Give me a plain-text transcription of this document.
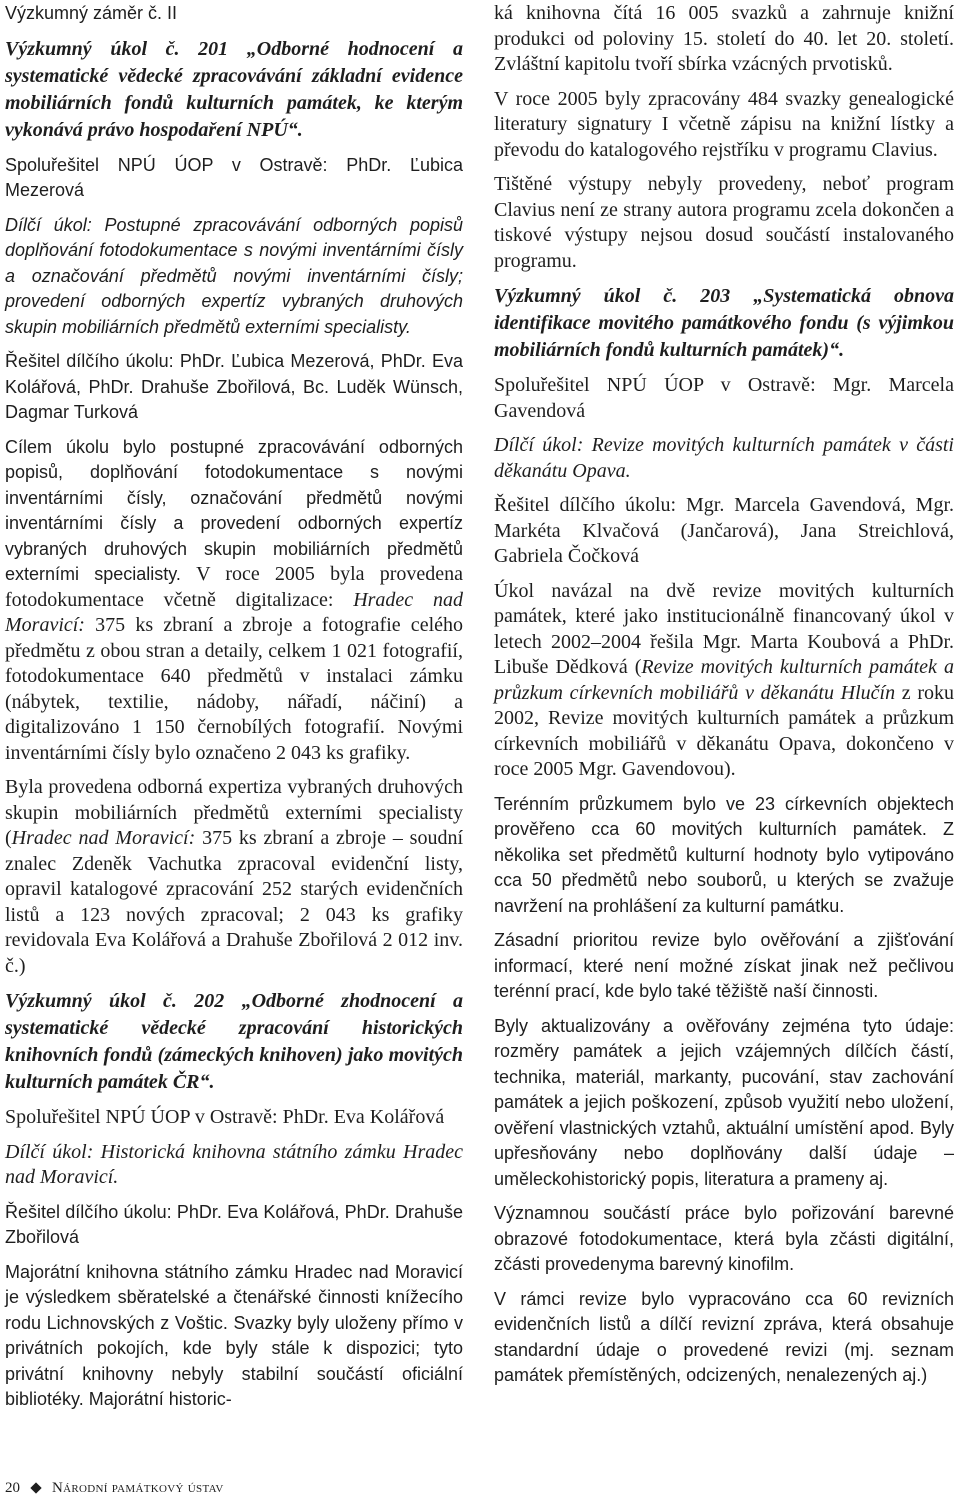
Výzkumný záměr č. II

Výzkumný úkol č. 201 „Odborné hodnocení a systematické vědecké zpracovávání základní evidence mobiliárních fondů kulturních památek, ke kterým vykonává právo hospodaření NPÚ“.

Spoluřešitel NPÚ ÚOP v Ostravě: PhDr. Ľubica Mezerová

Dílčí úkol: Postupné zpracovávání odborných popisů doplňování fotodokumentace s novými inventárními čísly a označování předmětů novými inventárními čísly; provedení odborných expertíz vybraných druhových skupin mobiliárních předmětů externími specialisty.

Řešitel dílčího úkolu: PhDr. Ľubica Mezerová, PhDr. Eva Kolářová, PhDr. Drahuše Zbořilová, Bc. Luděk Wünsch, Dagmar Turková

Cílem úkolu bylo postupné zpracovávání odborných popisů, doplňování fotodokumentace s novými inventárními čísly, označování předmětů novými inventárními čísly a provedení odborných expertíz vybraných druhových skupin mobiliárních předmětů externími specialisty. V roce 2005 byla provedena fotodokumentace včetně digitalizace: Hradec nad Moravicí: 375 ks zbraní a zbroje a fotografie celého předmětu z obou stran a detaily, celkem 1 021 fotografií, fotodokumentace 640 předmětů v instalaci zámku (nábytek, textilie, nádoby, nářadí, náčiní) a digitalizováno 1 150 černobílých fotografií. Novými inventárními čísly bylo označeno 2 043 ks grafiky.

Byla provedena odborná expertiza vybraných druhových skupin mobiliárních předmětů externími specialisty (Hradec nad Moravicí: 375 ks zbraní a zbroje – soudní znalec Zdeněk Vachutka zpracoval evidenční listy, opravil katalogové zpracování 252 starých evidenčních listů a 123 nových zpracoval; 2 043 ks grafiky revidovala Eva Kolářová a Drahuše Zbořilová 2 012 inv. č.)

Výzkumný úkol č. 202 „Odborné zhodnocení a systematické vědecké zpracování historických knihovních fondů (zámeckých knihoven) jako movitých kulturních památek ČR“.

Spoluřešitel NPÚ ÚOP v Ostravě: PhDr. Eva Kolářová

Dílčí úkol: Historická knihovna státního zámku Hradec nad Moravicí.

Řešitel dílčího úkolu: PhDr. Eva Kolářová, PhDr. Drahuše Zbořilová

Majorátní knihovna státního zámku Hradec nad Moravicí je výsledkem sběratelské a čtenářské činnosti knížecího rodu Lichnovských z Voštic. Svazky byly uloženy přímo v privátních pokojích, kde byly stále k dispozici; tyto privátní knihovny nebyly stabilní součástí oficiální bibliotéky. Majorátní historic-

ká knihovna čítá 16 005 svazků a zahrnuje knižní produkci od poloviny 15. století do 40. let 20. století. Zvláštní kapitolu tvoří sbírka vzácných prvotisků.

V roce 2005 byly zpracovány 484 svazky genealogické literatury signatury I včetně zápisu na knižní lístky a převodu do katalogového rejstříku v programu Clavius.

Tištěné výstupy nebyly provedeny, neboť program Clavius není ze strany autora programu zcela dokončen a tiskové výstupy nejsou dosud součástí instalovaného programu.

Výzkumný úkol č. 203 „Systematická obnova identifikace movitého památkového fondu (s výjimkou mobiliárních fondů kulturních památek)“.

Spoluřešitel NPÚ ÚOP v Ostravě: Mgr. Marcela Gavendová

Dílčí úkol: Revize movitých kulturních památek v části děkanátu Opava.

Řešitel dílčího úkolu: Mgr. Marcela Gavendová, Mgr. Markéta Klvačová (Jančarová), Jana Streichlová, Gabriela Čočková

Úkol navázal na dvě revize movitých kulturních památek, které jako institucionálně financovaný úkol v letech 2002–2004 řešila Mgr. Marta Koubová a PhDr. Libuše Dědková (Revize movitých kulturních památek a průzkum církevních mobiliářů v děkanátu Hlučín z roku 2002, Revize movitých kulturních památek a průzkum církevních mobiliářů v děkanátu Opava, dokončeno v roce 2005 Mgr. Gavendovou).

Terénním průzkumem bylo ve 23 církevních objektech prověřeno cca 60 movitých kulturních památek. Z několika set předmětů kulturní hodnoty bylo vytipováno cca 50 předmětů nebo souborů, u kterých se zvažuje navržení na prohlášení za kulturní památku.

Zásadní prioritou revize bylo ověřování a zjišťování informací, které není možné získat jinak než pečlivou terénní prací, kde bylo také těžiště naší činnosti.

Byly aktualizovány a ověřovány zejména tyto údaje: rozměry památek a jejich vzájemných dílčích částí, technika, materiál, markanty, pucování, stav zachování památek a jejich poškození, způsob využití nebo uložení, ověření vlastnických vztahů, aktuální umístění apod. Byly upřesňovány nebo doplňovány další údaje – uměleckohistorický popis, literatura a prameny aj.

Významnou součástí práce bylo pořizování barevné obrazové fotodokumentace, která byla zčásti digitální, zčásti provedenyma barevný kinofilm.

V rámci revize bylo vypracováno cca 60 revizních evidenčních listů a dílčí revizní zpráva, která obsahuje standardní údaje o provedené revizi (mj. seznam památek přemístěných, odcizených, nenalezených aj.)

20 Národní památkový ústav
